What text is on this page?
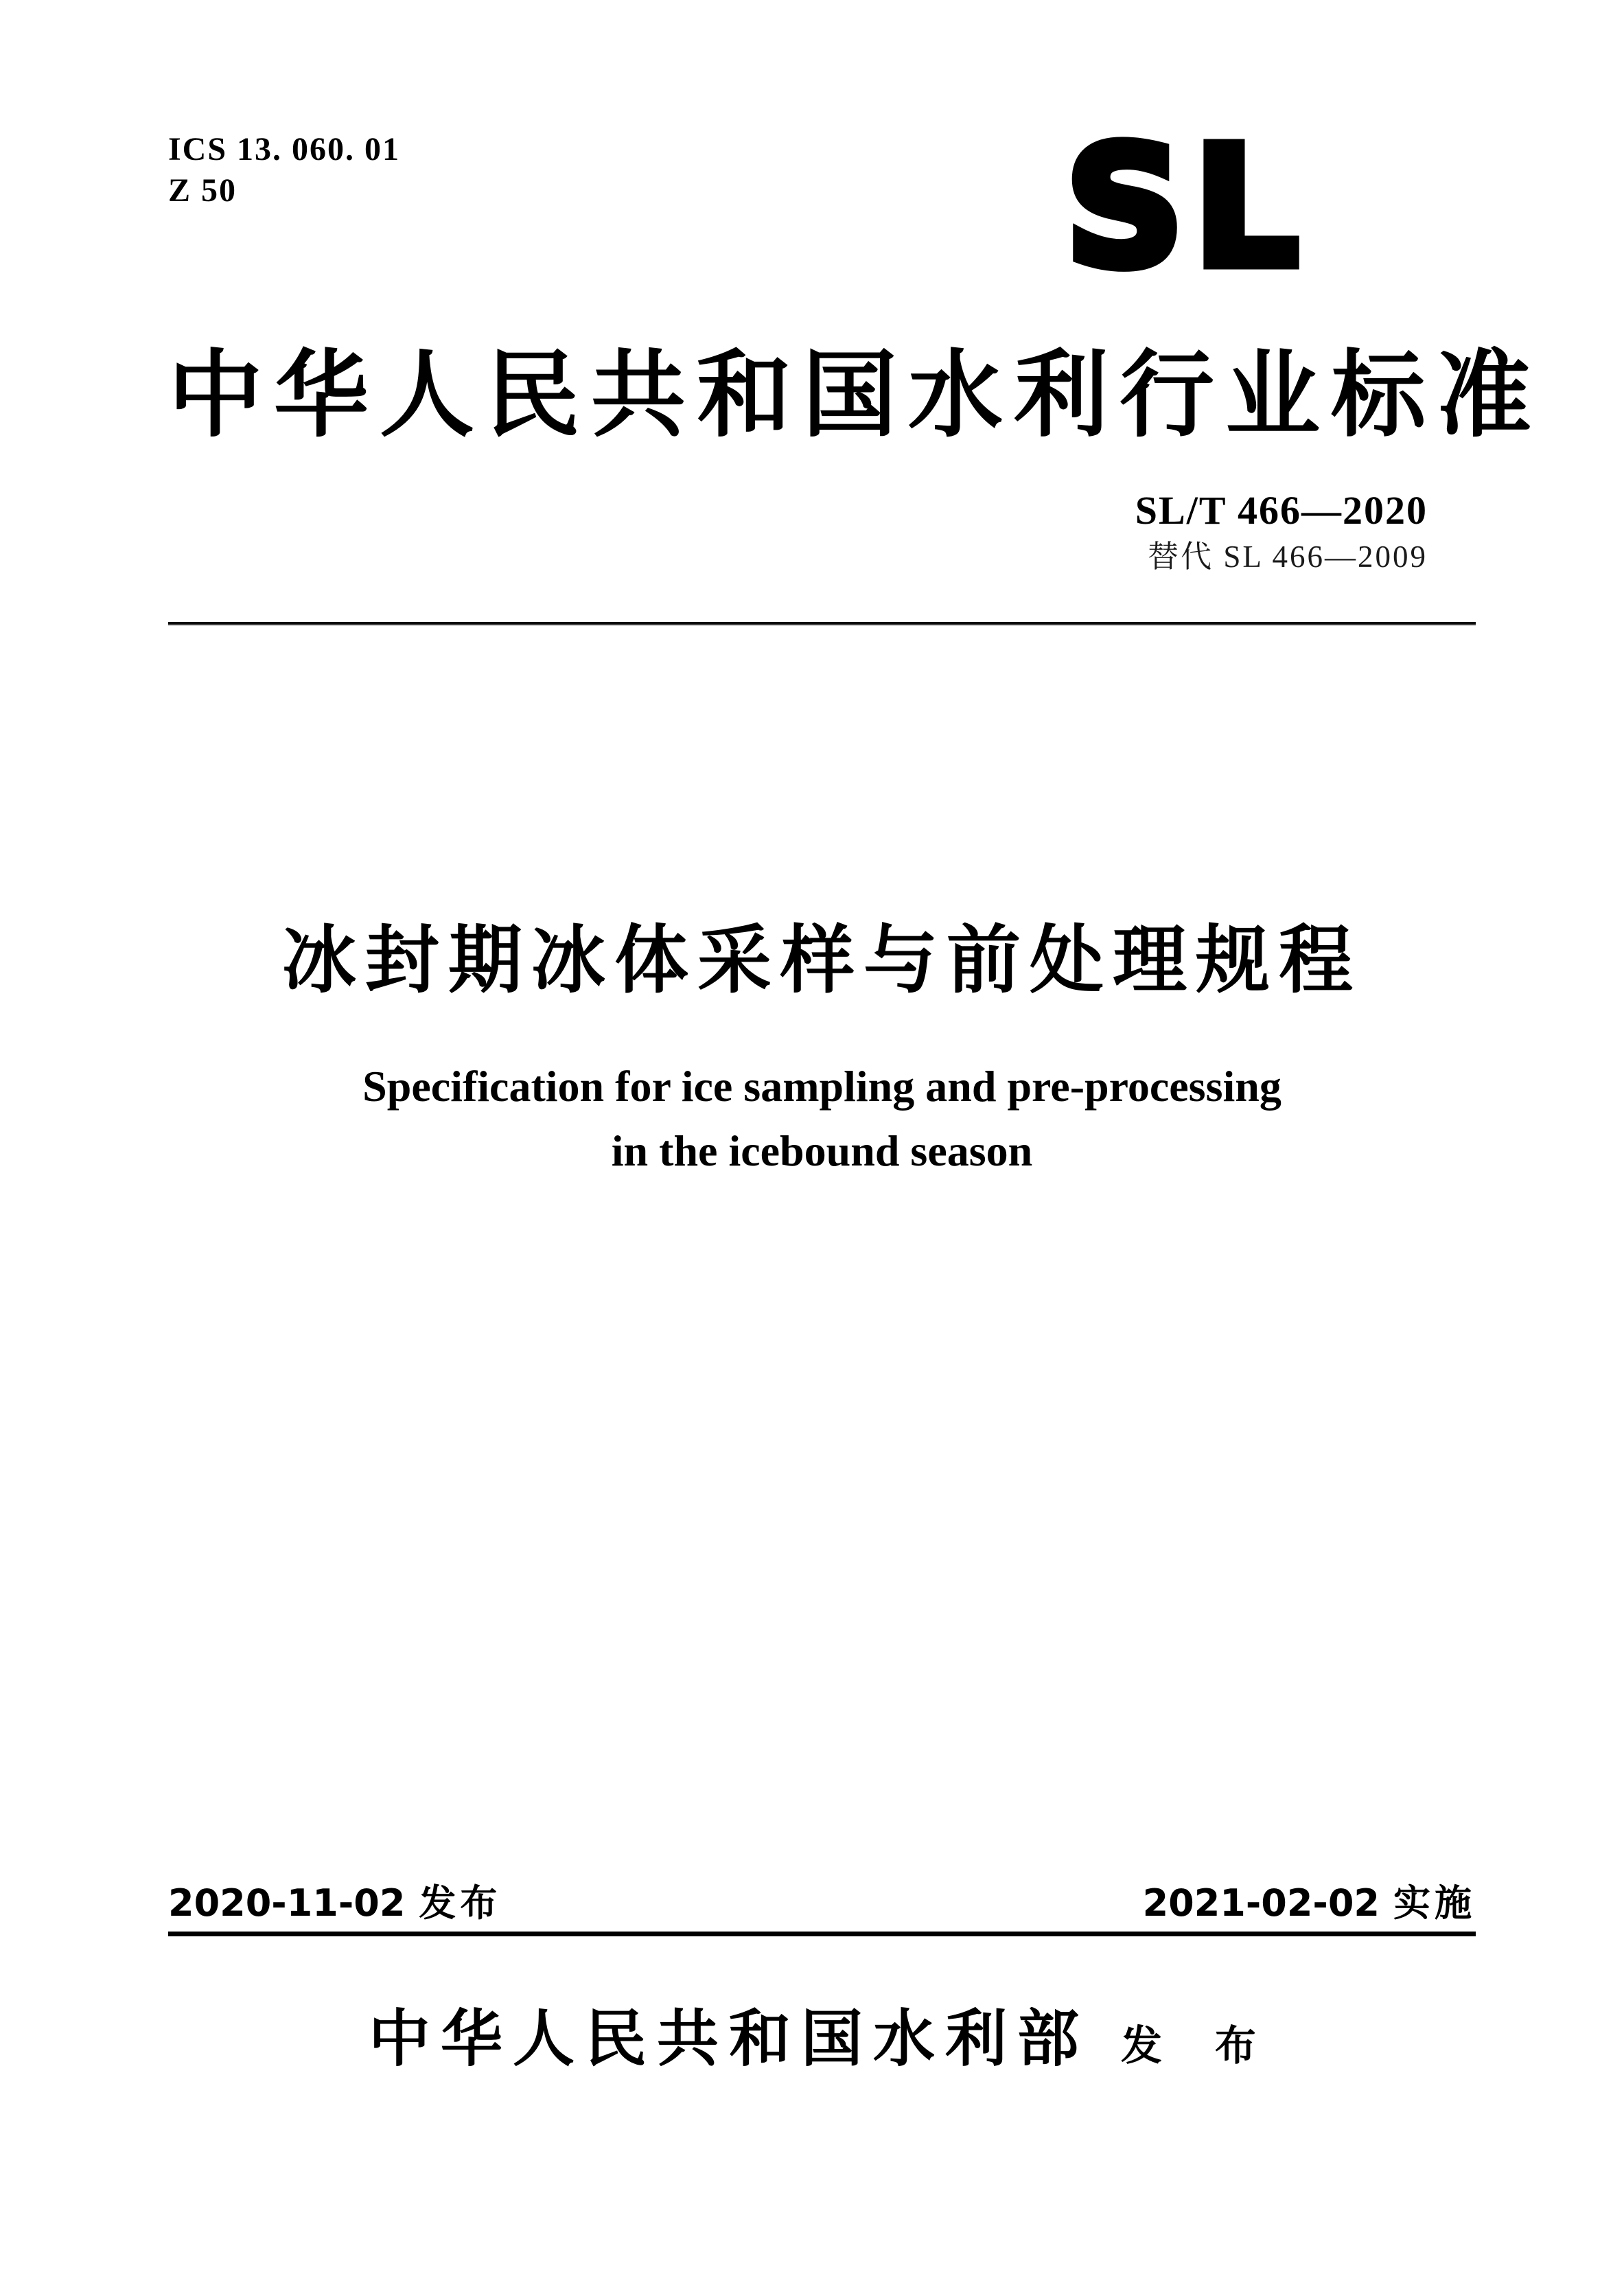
ICS 13. 060. 01
Z 50	SL
中华人民共和国水利行业标准
SL/T 466—2020
替代 SL 466—2009
冰封期冰体采样与前处理规程
Specification for ice sampling and pre-processing
in the icebound season
2020-11-02 发布	2021-02-02 实施
中华人民共和国水利部 发 布
